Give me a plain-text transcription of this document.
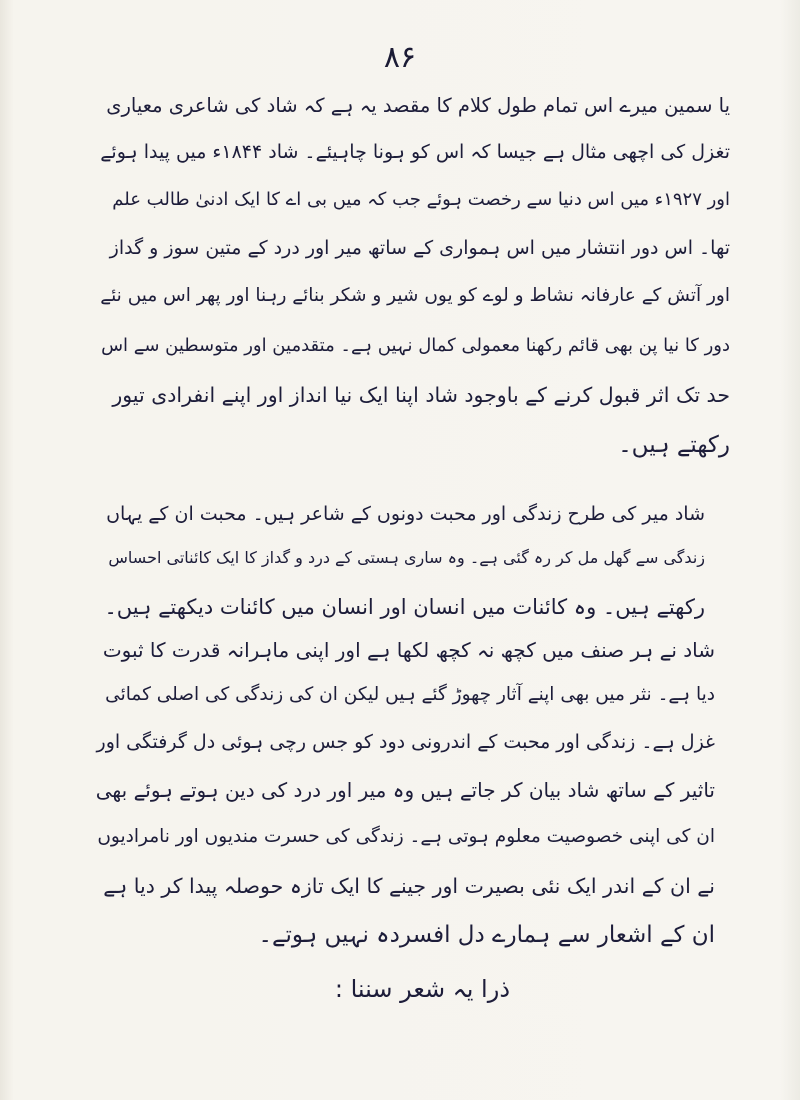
۸۶
یا سمین میرے اس تمام طول کلام کا مقصد یہ ہے کہ شاد کی شاعری معیاری
تغزل کی اچھی مثال ہے جیسا کہ اس کو ہونا چاہیئے۔ شاد ۱۸۴۴ء میں پیدا ہوئے
اور ۱۹۲۷ء میں اس دنیا سے رخصت ہوئے جب کہ میں بی اے کا ایک ادنیٰ طالب علم
تھا۔ اس دور انتشار میں اس ہمواری کے ساتھ میر اور درد کے متین سوز و گداز
اور آتش کے عارفانہ نشاط و لوے کو یوں شیر و شکر بنائے رہنا اور پھر اس میں نئے
دور کا نیا پن بھی قائم رکھنا معمولی کمال نہیں ہے۔ متقدمین اور متوسطین سے اس
حد تک اثر قبول کرنے کے باوجود شاد اپنا ایک نیا انداز اور اپنے انفرادی تیور
رکھتے ہیں۔
شاد میر کی طرح زندگی اور محبت دونوں کے شاعر ہیں۔ محبت ان کے یہاں
زندگی سے گھل مل کر رہ گئی ہے۔ وہ ساری ہستی کے درد و گداز کا ایک کائناتی احساس
رکھتے ہیں۔ وہ کائنات میں انسان اور انسان میں کائنات دیکھتے ہیں۔
شاد نے ہر صنف میں کچھ نہ کچھ لکھا ہے اور اپنی ماہرانہ قدرت کا ثبوت
دیا ہے۔ نثر میں بھی اپنے آثار چھوڑ گئے ہیں لیکن ان کی زندگی کی اصلی کمائی
غزل ہے۔ زندگی اور محبت کے اندرونی دود کو جس رچی ہوئی دل گرفتگی اور
تاثیر کے ساتھ شاد بیان کر جاتے ہیں وہ میر اور درد کی دین ہوتے ہوئے بھی
ان کی اپنی خصوصیت معلوم ہوتی ہے۔ زندگی کی حسرت مندیوں اور نامرادیوں
نے ان کے اندر ایک نئی بصیرت اور جینے کا ایک تازہ حوصلہ پیدا کر دیا ہے
ان کے اشعار سے ہمارے دل افسردہ نہیں ہوتے۔
ذرا یہ شعر سننا :
